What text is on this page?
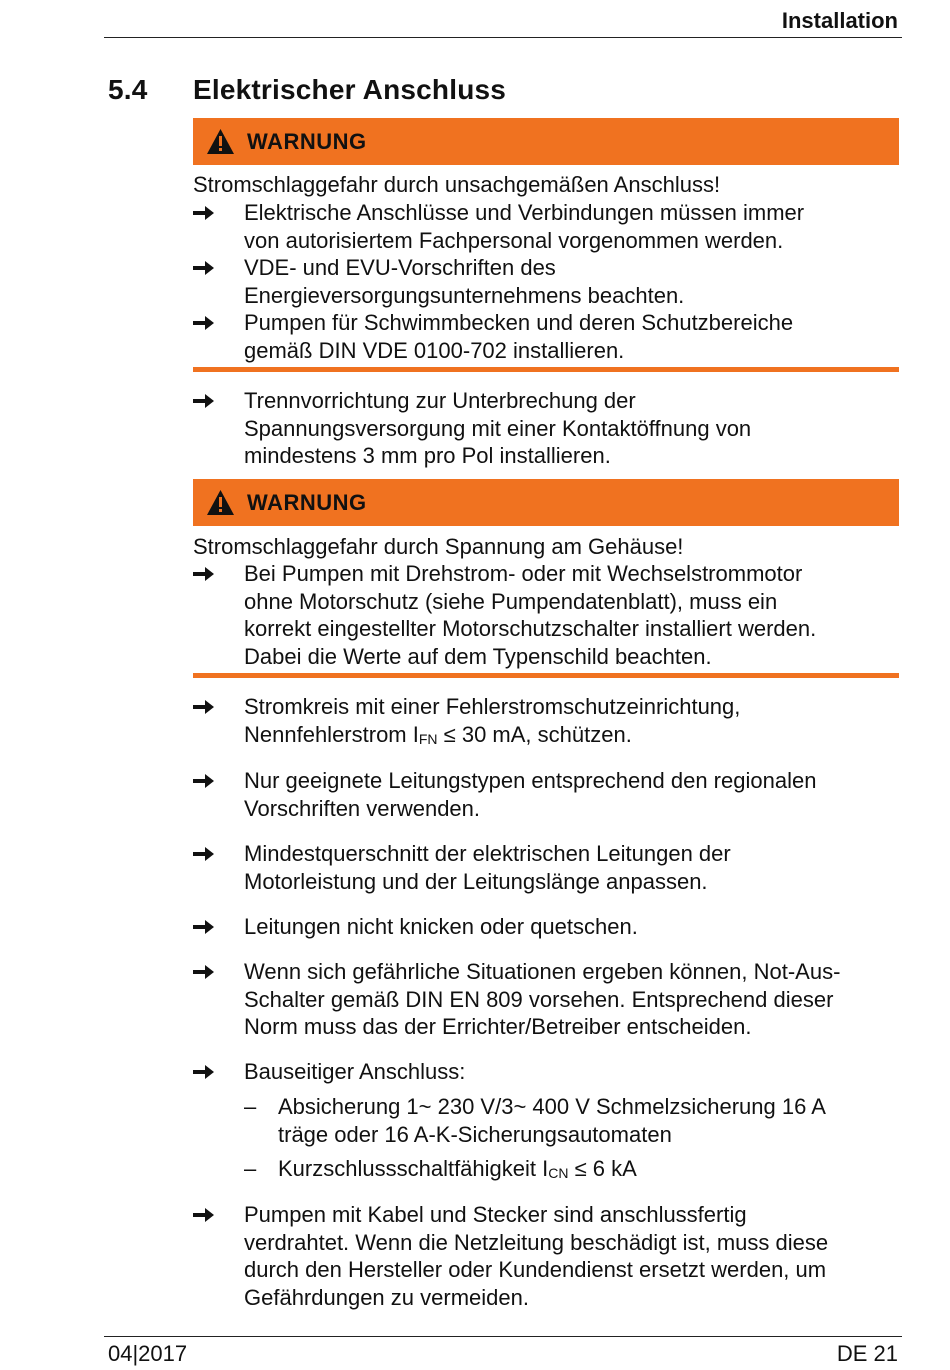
Installation
5.4 Elektrischer Anschluss
WARNUNG
Stromschlaggefahr durch unsachgemäßen Anschluss!
Elektrische Anschlüsse und Verbindungen müssen immer
von autorisiertem Fachpersonal vorgenommen werden.
VDE- und EVU-Vorschriften des
Energieversorgungsunternehmens beachten.
Pumpen für Schwimmbecken und deren Schutzbereiche
gemäß DIN VDE 0100-702 installieren.
Trennvorrichtung zur Unterbrechung der
Spannungsversorgung mit einer Kontaktöffnung von
mindestens 3 mm pro Pol installieren.
WARNUNG
Stromschlaggefahr durch Spannung am Gehäuse!
Bei Pumpen mit Drehstrom- oder mit Wechselstrommotor
ohne Motorschutz (siehe Pumpendatenblatt), muss ein
korrekt eingestellter Motorschutzschalter installiert werden.
Dabei die Werte auf dem Typenschild beachten.
Stromkreis mit einer Fehlerstromschutzeinrichtung,
Nennfehlerstrom $I_{FN} \le 30$ mA, schützen.
Nur geeignete Leitungstypen entsprechend den regionalen
Vorschriften verwenden.
Mindestquerschnitt der elektrischen Leitungen der
Motorleistung und der Leitungslänge anpassen.
Leitungen nicht knicken oder quetschen.
Wenn sich gefährliche Situationen ergeben können, Not-Aus-
Schalter gemäß DIN EN 809 vorsehen. Entsprechend dieser
Norm muss das der Errichter/Betreiber entscheiden.
Bauseitiger Anschluss:
– Absicherung 1~ 230 V/3~ 400 V Schmelzsicherung 16 A
träge oder 16 A-K-Sicherungsautomaten
– Kurzschlussschaltfähigkeit $I_{CN} \le 6$ kA
Pumpen mit Kabel und Stecker sind anschlussfertig
verdrahtet. Wenn die Netzleitung beschädigt ist, muss diese
durch den Hersteller oder Kundendienst ersetzt werden, um
Gefährdungen zu vermeiden.
04|2017	DE 21
